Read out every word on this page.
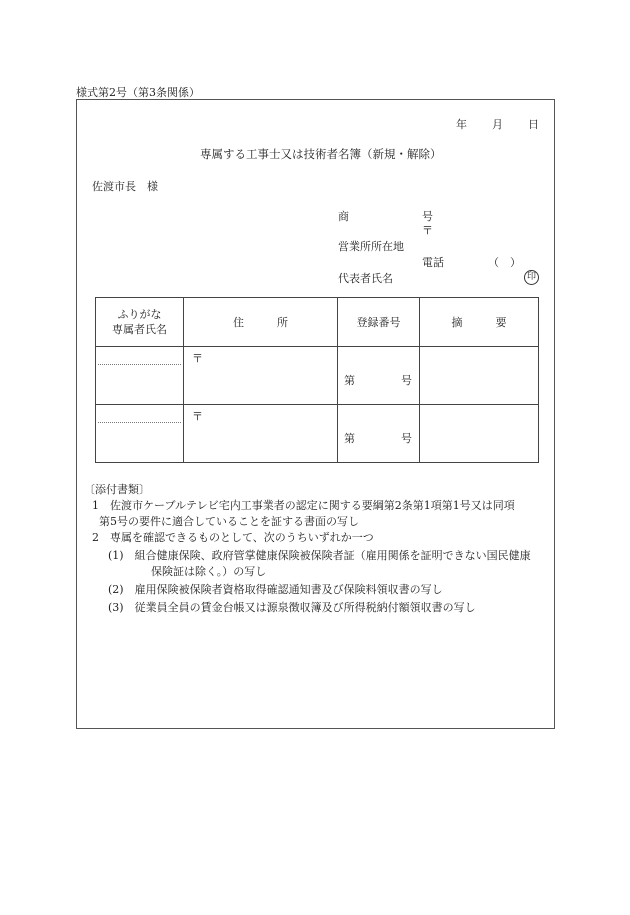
様式第2号（第3条関係）
年 月 日
専属する工事士又は技術者名簿（新規・解除）
佐渡市長　様
商	号
〒
営業所所在地
電話	（　）
代表者氏名	印
ふりがな
専属者氏名	住　　　所	登録番号	摘　　　要

	〒	第 号	

	〒	第 号	

〔添付書類〕
1　佐渡市ケーブルテレビ宅内工事業者の認定に関する要綱第2条第1項第1号又は同項
第5号の要件に適合していることを証する書面の写し
2　専属を確認できるものとして、次のうちいずれか一つ
(1)　組合健康保険、政府管掌健康保険被保険者証（雇用関係を証明できない国民健康
保険証は除く。）の写し
(2)　雇用保険被保険者資格取得確認通知書及び保険料領収書の写し
(3)　従業員全員の賃金台帳又は源泉徴収簿及び所得税納付額領収書の写し
